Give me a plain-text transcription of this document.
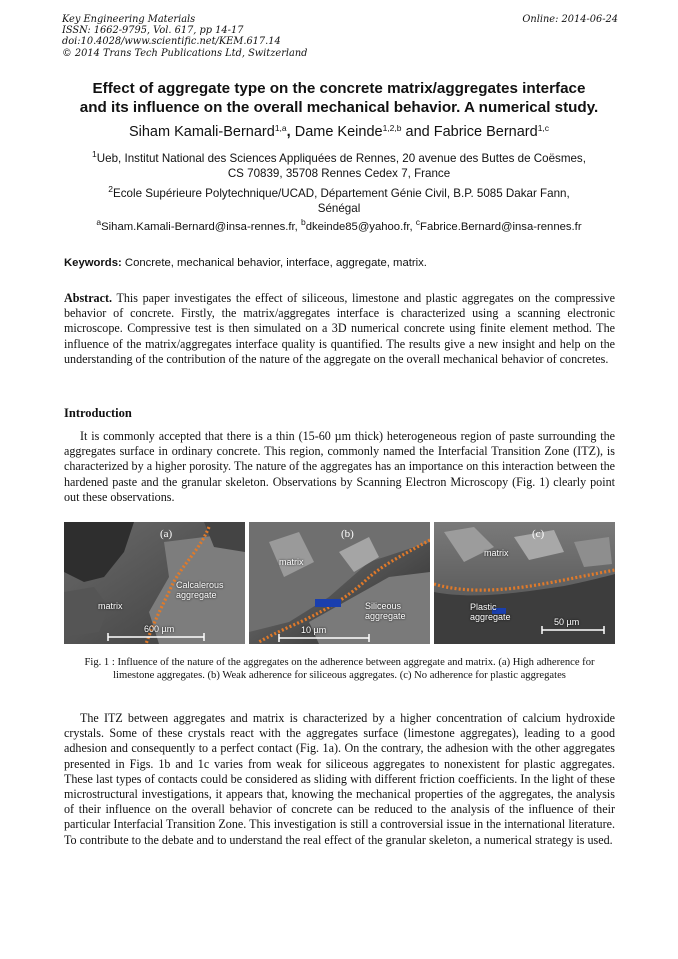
Key Engineering Materials
ISSN: 1662-9795, Vol. 617, pp 14-17
doi:10.4028/www.scientific.net/KEM.617.14
© 2014 Trans Tech Publications Ltd, Switzerland
Online: 2014-06-24
Effect of aggregate type on the concrete matrix/aggregates interface
and its influence on the overall mechanical behavior. A numerical study.
Siham Kamali-Bernard$^{1,a}$, Dame Keinde$^{1,2,b}$ and Fabrice Bernard$^{1,c}$
$^1$Ueb, Institut National des Sciences Appliquées de Rennes, 20 avenue des Buttes de Coësmes,
CS 70839, 35708 Rennes Cedex 7, France
$^2$Ecole Supérieure Polytechnique/UCAD, Département Génie Civil, B.P. 5085 Dakar Fann,
Sénégal
$^a$Siham.Kamali-Bernard@insa-rennes.fr, $^b$dkeinde85@yahoo.fr, $^c$Fabrice.Bernard@insa-rennes.fr
Keywords: Concrete, mechanical behavior, interface, aggregate, matrix.
Abstract. This paper investigates the effect of siliceous, limestone and plastic aggregates on the compressive behavior of concrete. Firstly, the matrix/aggregates interface is characterized using a scanning electronic microscope. Compressive test is then simulated on a 3D numerical concrete using finite element method. The influence of the matrix/aggregates interface quality is quantified. The results give a new insight and help on the understanding of the contribution of the nature of the aggregate on the overall mechanical behavior of concretes.
Introduction
It is commonly accepted that there is a thin (15-60 µm thick) heterogeneous region of paste surrounding the aggregates surface in ordinary concrete. This region, commonly named the Interfacial Transition Zone (ITZ), is characterized by a higher porosity. The nature of the aggregates has an importance on this interaction between the hardened paste and the granular skeleton. Observations by Scanning Electron Microscopy (Fig. 1) clearly point out these observations.
(a)
Calcalerous
aggregate
matrix
600 µm
(b)
matrix
Siliceous
aggregate
10 µm
(c)
matrix
Plastic
aggregate
50 µm
Fig. 1 : Influence of the nature of the aggregates on the adherence between aggregate and matrix. (a) High adherence for limestone aggregates. (b) Weak adherence for siliceous aggregates. (c) No adherence for plastic aggregates
The ITZ between aggregates and matrix is characterized by a higher concentration of calcium hydroxide crystals. Some of these crystals react with the aggregates surface (limestone aggregates), leading to a good adhesion and consequently to a perfect contact (Fig. 1a). On the contrary, the adhesion with the other aggregates presented in Figs. 1b and 1c varies from weak for siliceous aggregates to nonexistent for plastic aggregates. These last types of contacts could be considered as sliding with different friction coefficients. In the light of these microstructural investigations, it appears that, knowing the mechanical properties of the aggregates, the analysis of their influence on the overall behavior of concrete can be reduced to the analysis of the influence of their particular Interfacial Transition Zone. This investigation is still a controversial issue in the international literature. To contribute to the debate and to understand the real effect of the granular skeleton, a numerical strategy is used.
